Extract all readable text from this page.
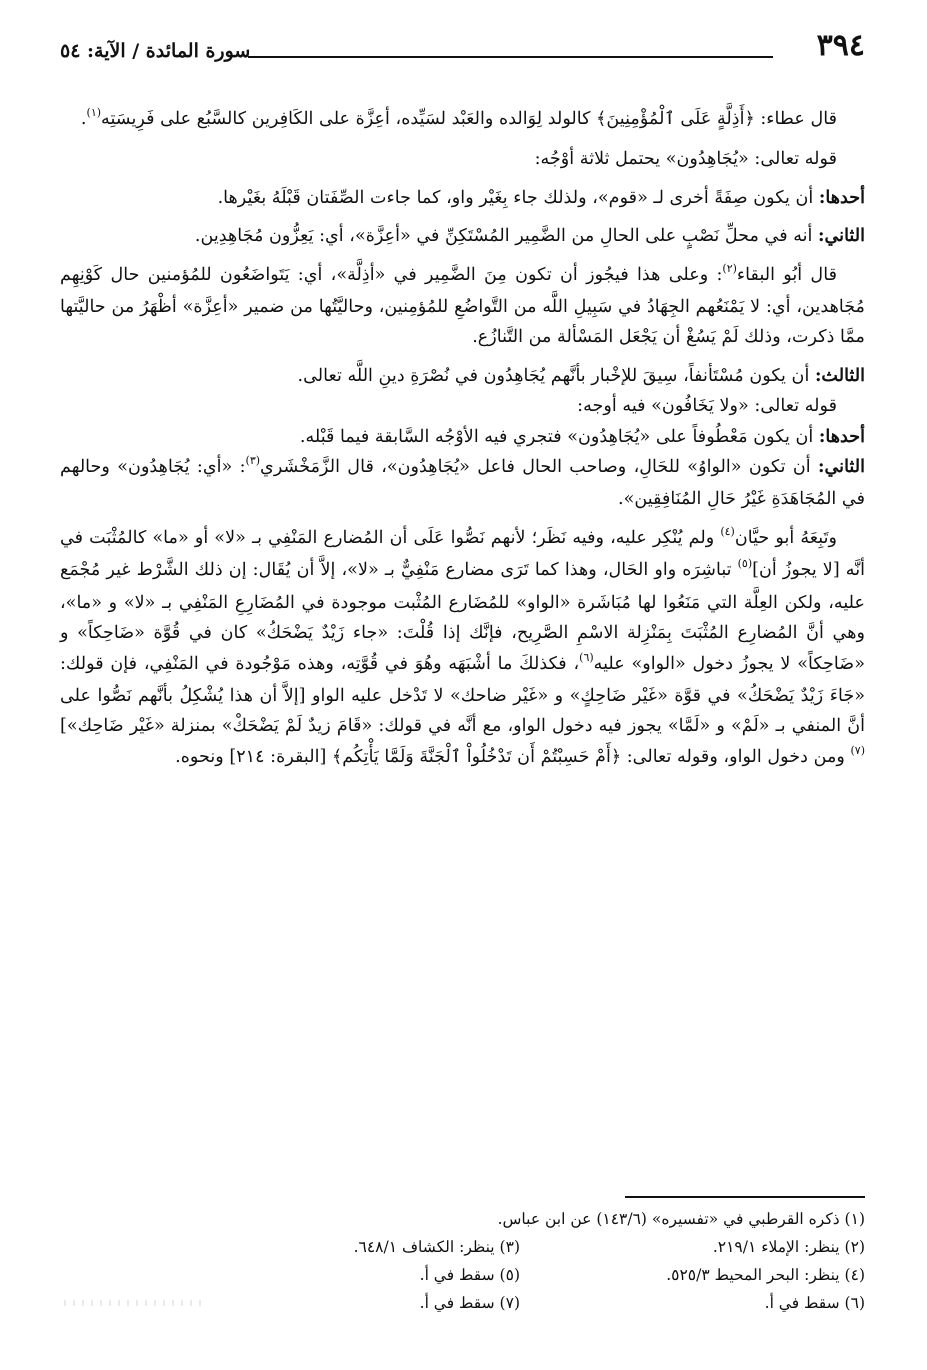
٣٩٤
سورة المائدة / الآية: ٥٤

قال عطاء: ﴿أَذِلَّةٍ عَلَى ٱلْمُؤْمِنِينَ﴾ كالولد لِوَالده والعَبْد لسَيِّده، أعِزَّة على الكَافِرين كالسَّبُع على فَرِيسَتِه$^{(١)}$.

قوله تعالى: «يُجَاهِدُون» يحتمل ثلاثة أوْجُه:

أحدها: أن يكون صِفَةً أخرى لـ «قوم»، ولذلك جاء بِغَيْر واو، كما جاءت الصِّفَتان قَبْلَهُ بغَيْرها.

الثاني: أنه في محلِّ نَصْبٍ على الحالِ من الضَّمِير المُسْتَكِنِّ في «أعِزَّة»، أي: يَعِزُّون مُجَاهِدِين.

قال أبُو البقاء$^{(٢)}$: وعلى هذا فيجُوز أن تكون مِنَ الضَّمِير في «أذِلَّة»، أي: يَتَواضَعُون للمُؤمنين حال كَوْنِهِم مُجَاهدين، أي: لا يَمْنَعُهم الجِهَادُ في سَبِيلِ اللَّه من التَّواضُعِ للمُؤمِنين، وحاليَّتُها من ضمير «أعِزَّة» أظْهَرُ من حاليَّتها ممَّا ذكرت، وذلك لَمْ يَسُغْ أن يَجْعَل المَسْألة من التَّنازُع.

الثالث: أن يكون مُسْتَأنفاً، سِيقَ للإخْبار بأنَّهم يُجَاهِدُون في نُصْرَةِ دينِ اللَّه تعالى.

قوله تعالى: «ولا يَخَافُون» فيه أوجه:

أحدها: أن يكون مَعْطُوفاً على «يُجَاهِدُون» فتجري فيه الأوْجُه السَّابقة فيما قَبْله.

الثاني: أن تكون «الواوُ» للحَالِ، وصاحب الحال فاعل «يُجَاهِدُون»، قال الزَّمَخْشَري$^{(٣)}$: «أي: يُجَاهِدُون» وحالهم في المُجَاهَدَةِ غَيْرُ حَالِ المُنَافِقِين».

وتَبِعَهُ أبو حيَّان$^{(٤)}$ ولم يُنْكِر عليه، وفيه نَظَر؛ لأنهم نَصُّوا عَلَى أن المُضارع المَنْفِي بـ «لا» أو «ما» كالمُثْبَت في أنَّه [لا يجوزُ أن]$^{(٥)}$ تباشِرَه واو الحَال، وهذا كما تَرَى مضارع مَنْفِيٌّ بـ «لا»، إلاَّ أن يُقَال: إن ذلك الشَّرْط غير مُجْمَع عليه، ولكن العِلَّة التي مَنَعُوا لها مُبَاشَرة «الواو» للمُضَارع المُثْبت موجودة في المُضَارِعِ المَنْفِي بـ «لا» و «ما»، وهي أنَّ المُضارِع المُثْبَتَ بِمَنْزِلة الاسْمِ الصَّرِيح، فإنَّك إذا قُلْتَ: «جاء زَيْدٌ يَضْحَكُ» كان في قُوَّة «ضَاحِكاً» و «ضَاحِكاً» لا يجوزُ دخول «الواو» عليه$^{(٦)}$، فكذلكَ ما أشْبَهَه وهُوَ في قُوَّتِه، وهذه مَوْجُودة في المَنْفِي، فإن قولك: «جَاءَ زَيْدٌ يَضْحَكُ» في قوَّة «غَيْر ضَاحِكٍ» و «غَيْر ضاحك» لا تَدْخل عليه الواو [إلاَّ أن هذا يُشْكِلُ بأنَّهم نَصُّوا على أنَّ المنفي بـ «لَمْ» و «لَمَّا» يجوز فيه دخول الواو، مع أنَّه في قولك: «قَامَ زيدٌ لَمْ يَضْحَكْ» بمنزلة «غَيْر ضَاحِك»]$^{(٧)}$ ومن دخول الواو، وقوله تعالى: ﴿أَمْ حَسِبْتُمْ أَن تَدْخُلُواْ ٱلْجَنَّةَ وَلَمَّا يَأْتِكُم﴾ [البقرة: ٢١٤] ونحوه.

(١) ذكره القرطبي في «تفسيره» (١٤٣/٦) عن ابن عباس.
(٢) ينظر: الإملاء ٢١٩/١.
(٣) ينظر: الكشاف ٦٤٨/١.
(٤) ينظر: البحر المحيط ٥٢٥/٣.
(٥) سقط في أ.
(٦) سقط في أ.
(٧) سقط في أ.
